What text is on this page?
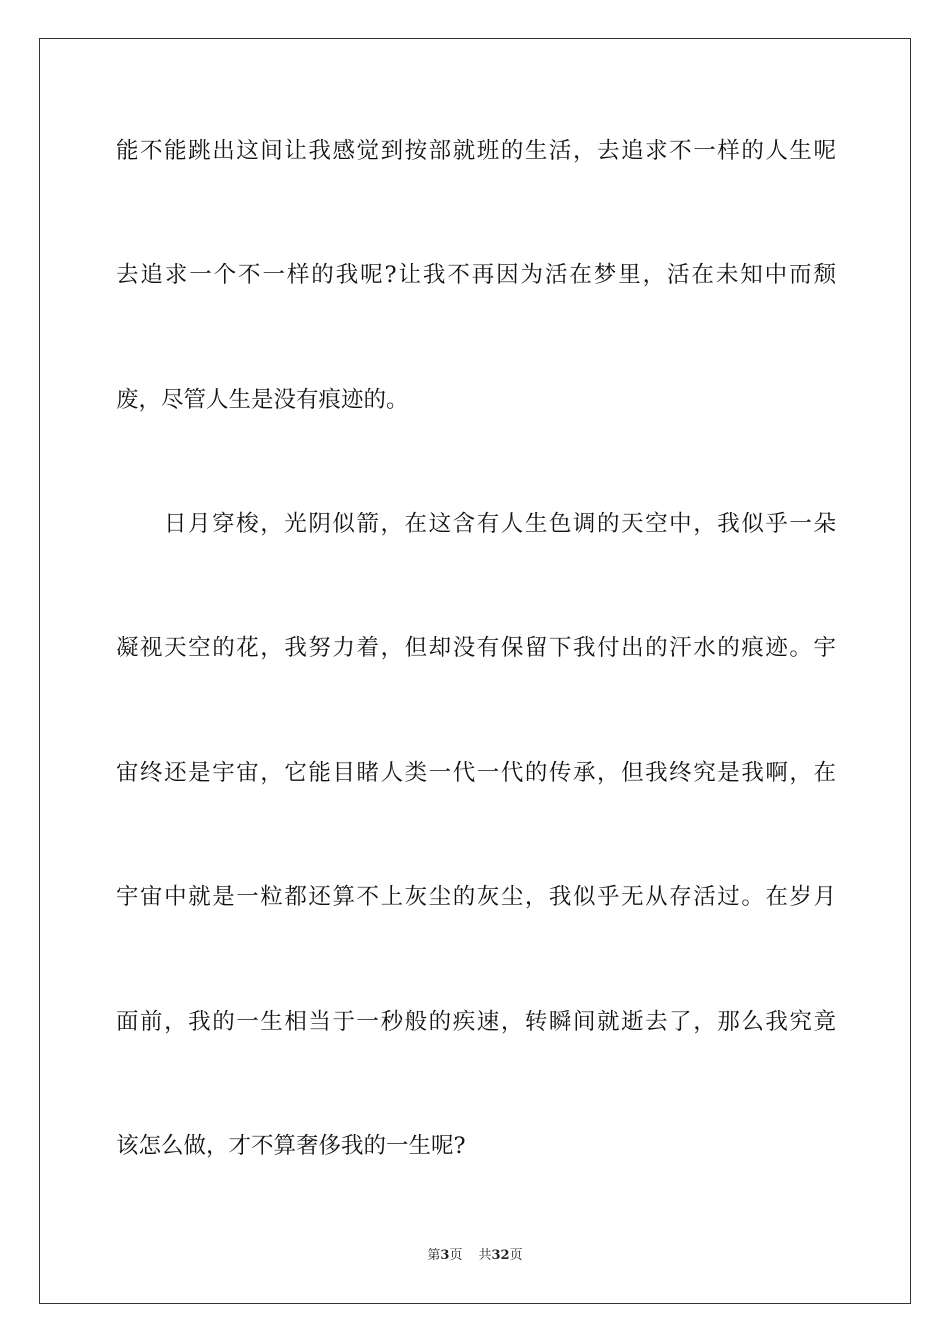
能不能跳出这间让我感觉到按部就班的生活，去追求不一样的人生呢
去追求一个不一样的我呢?让我不再因为活在梦里，活在未知中而颓
废，尽管人生是没有痕迹的。
日月穿梭，光阴似箭，在这含有人生色调的天空中，我似乎一朵
凝视天空的花，我努力着，但却没有保留下我付出的汗水的痕迹。宇
宙终还是宇宙，它能目睹人类一代一代的传承，但我终究是我啊，在
宇宙中就是一粒都还算不上灰尘的灰尘，我似乎无从存活过。在岁月
面前，我的一生相当于一秒般的疾速，转瞬间就逝去了，那么我究竟
该怎么做，才不算奢侈我的一生呢?
第3页 共32页
